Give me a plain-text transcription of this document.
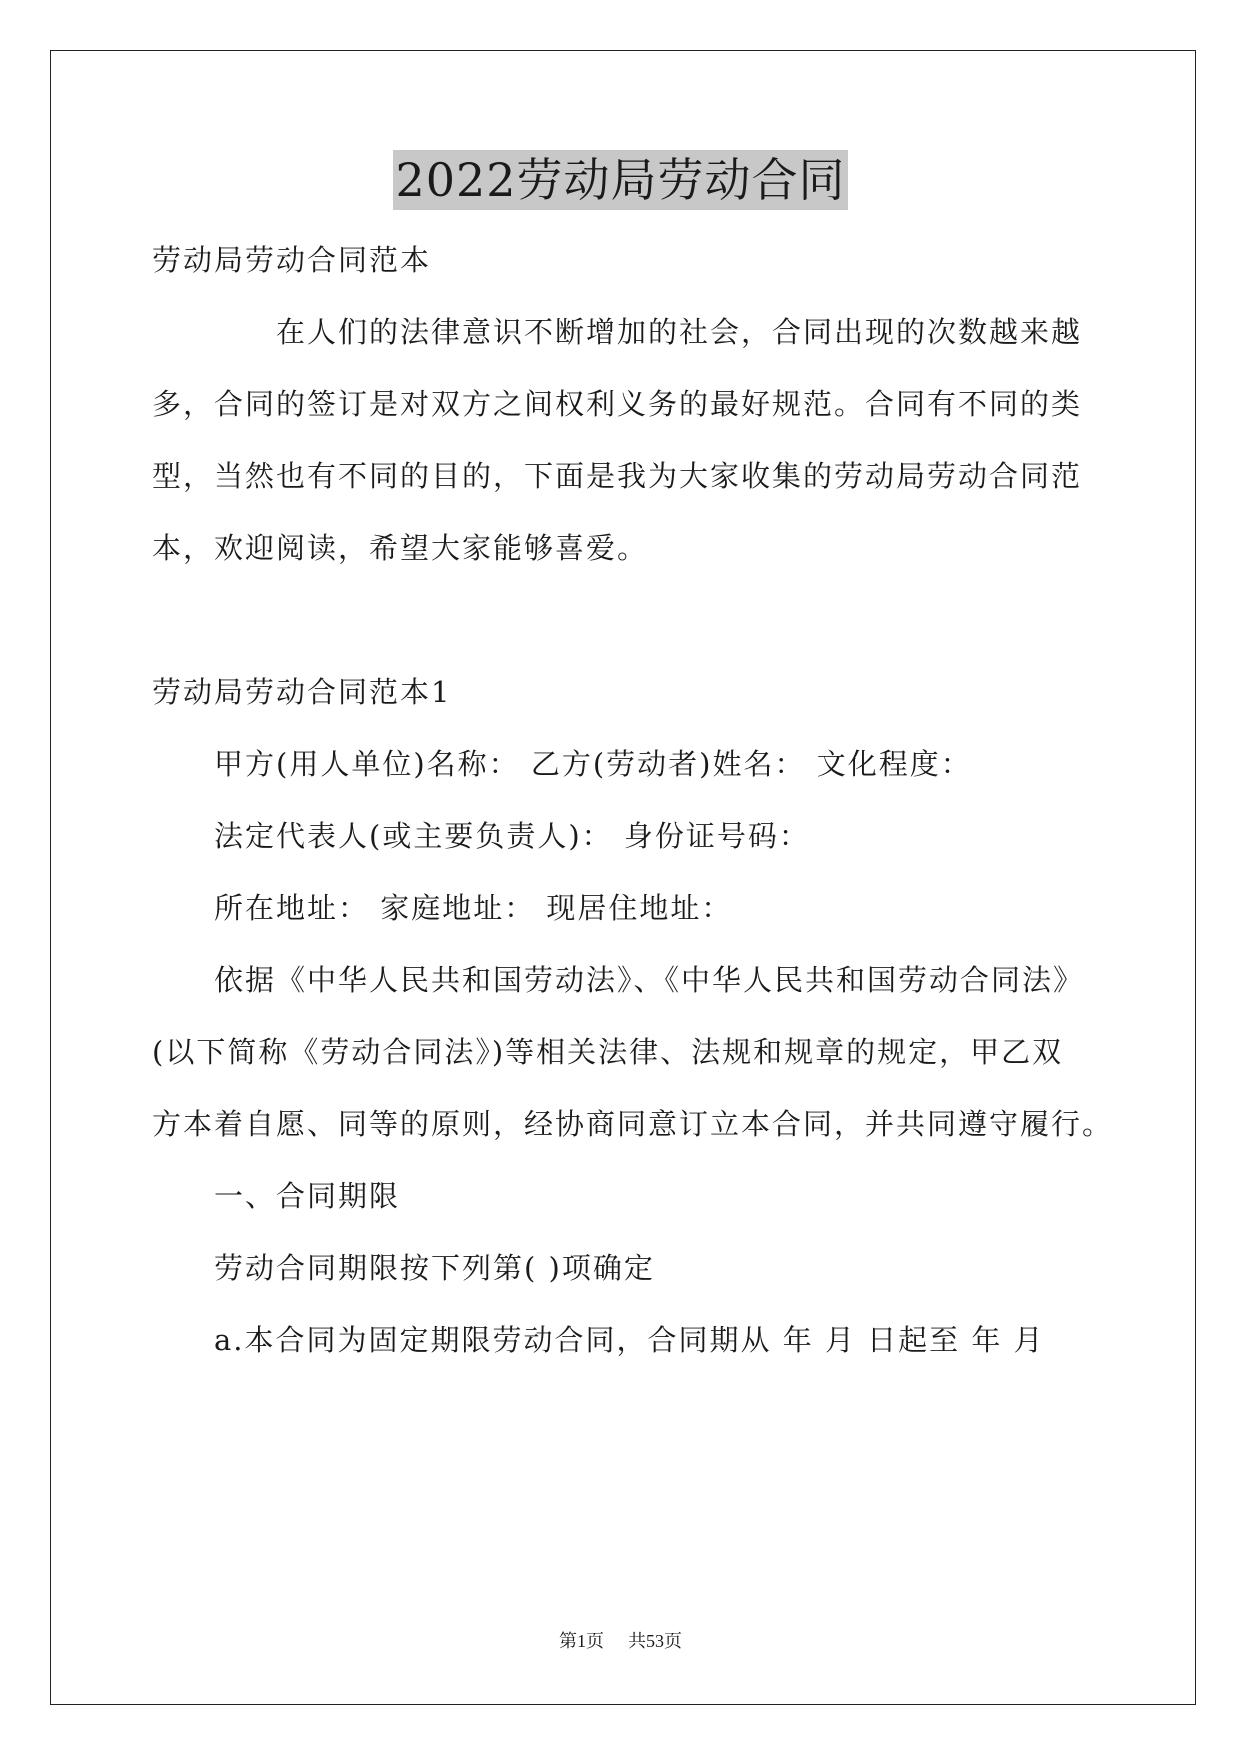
2022劳动局劳动合同
劳动局劳动合同范本
在人们的法律意识不断增加的社会，合同出现的次数越来越
多，合同的签订是对双方之间权利义务的最好规范。合同有不同的类
型，当然也有不同的目的，下面是我为大家收集的劳动局劳动合同范
本，欢迎阅读，希望大家能够喜爱。
劳动局劳动合同范本1
甲方(用人单位)名称： 乙方(劳动者)姓名： 文化程度：
法定代表人(或主要负责人)： 身份证号码：
所在地址： 家庭地址： 现居住地址：
依据《中华人民共和国劳动法》、《中华人民共和国劳动合同法》
(以下简称《劳动合同法》)等相关法律、法规和规章的规定，甲乙双
方本着自愿、同等的原则，经协商同意订立本合同，并共同遵守履行。
一、合同期限
劳动合同期限按下列第( )项确定
a.本合同为固定期限劳动合同，合同期从 年 月 日起至 年 月
第1页 共53页
